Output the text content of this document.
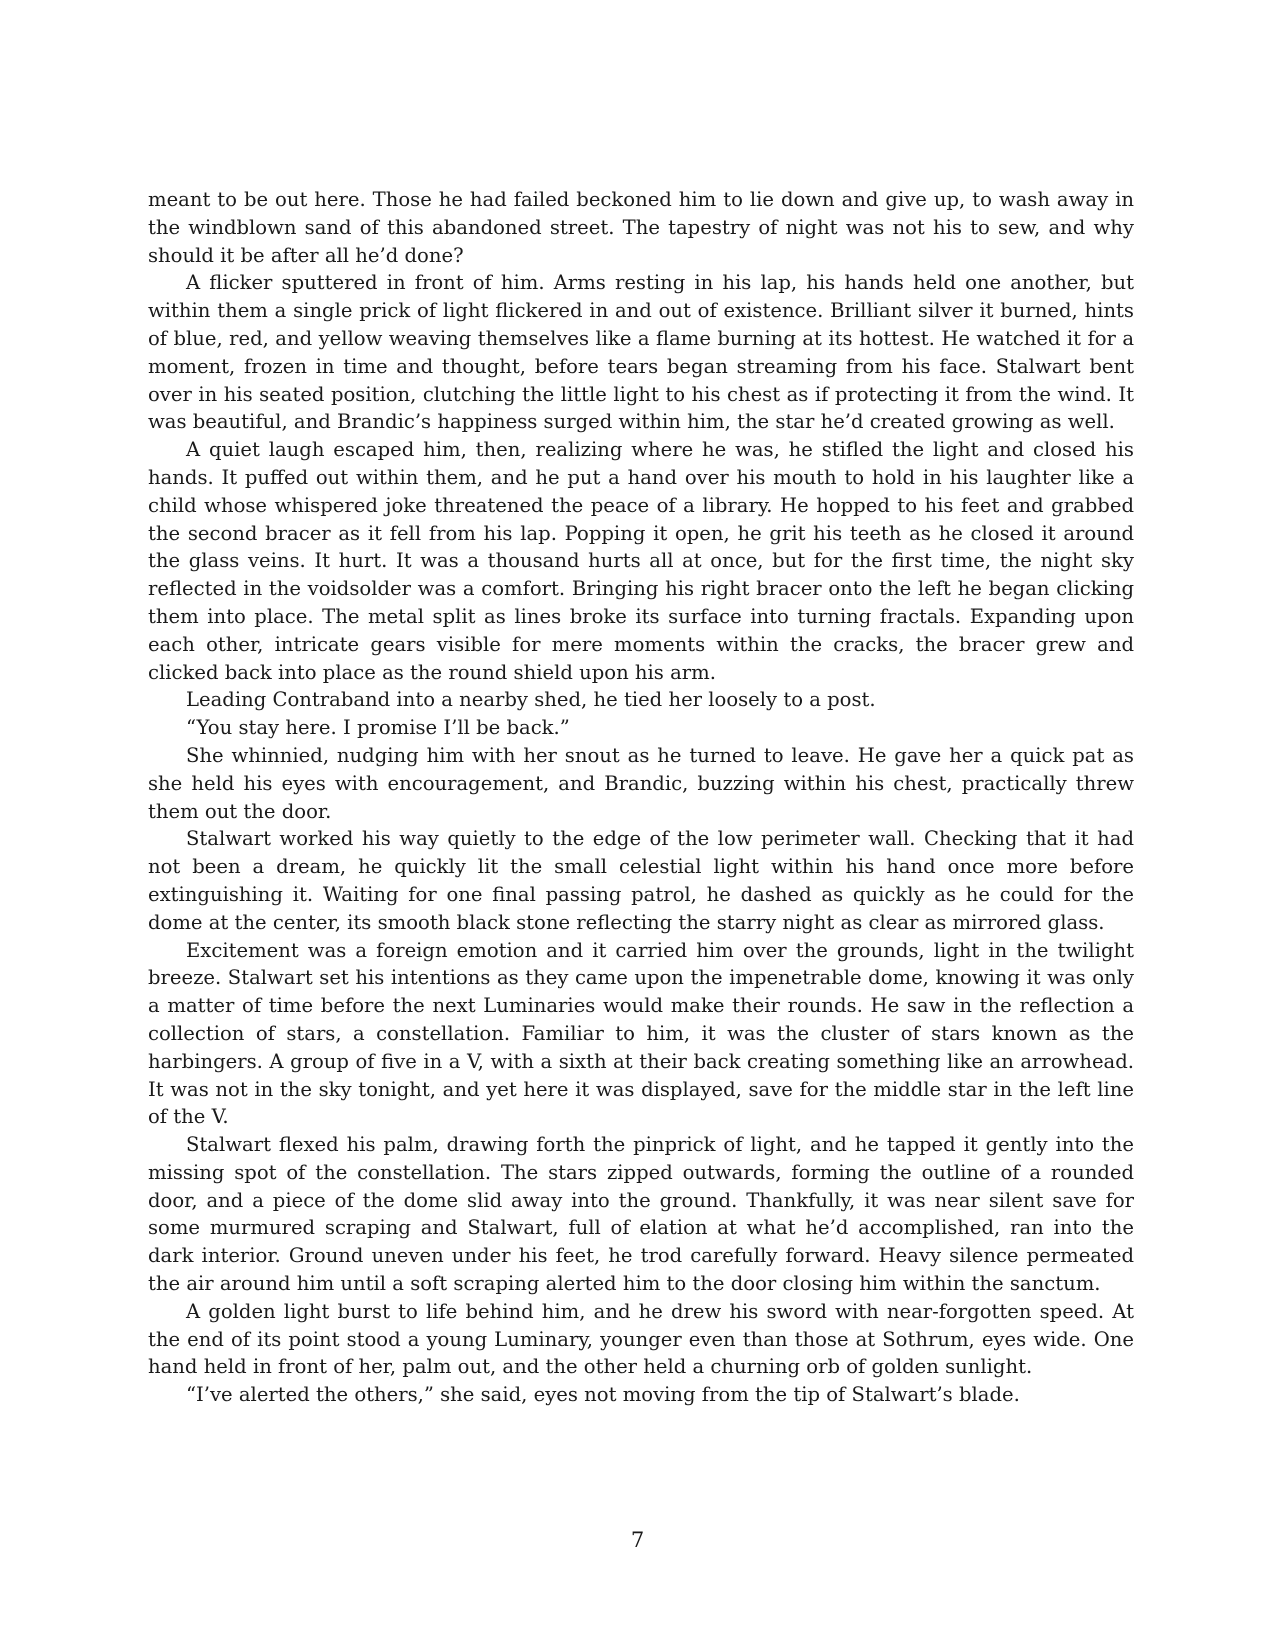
meant to be out here. Those he had failed beckoned him to lie down and give up, to wash away in the windblown sand of this abandoned street. The tapestry of night was not his to sew, and why should it be after all he’d done?

A flicker sputtered in front of him. Arms resting in his lap, his hands held one another, but within them a single prick of light flickered in and out of existence. Brilliant silver it burned, hints of blue, red, and yellow weaving themselves like a flame burning at its hottest. He watched it for a moment, frozen in time and thought, before tears began streaming from his face. Stalwart bent over in his seated position, clutching the little light to his chest as if protecting it from the wind. It was beautiful, and Brandic’s happiness surged within him, the star he’d created growing as well.

A quiet laugh escaped him, then, realizing where he was, he stifled the light and closed his hands. It puffed out within them, and he put a hand over his mouth to hold in his laughter like a child whose whispered joke threatened the peace of a library. He hopped to his feet and grabbed the second bracer as it fell from his lap. Popping it open, he grit his teeth as he closed it around the glass veins. It hurt. It was a thousand hurts all at once, but for the first time, the night sky reflected in the voidsolder was a comfort. Bringing his right bracer onto the left he began clicking them into place. The metal split as lines broke its surface into turning fractals. Expanding upon each other, intricate gears visible for mere moments within the cracks, the bracer grew and clicked back into place as the round shield upon his arm.

Leading Contraband into a nearby shed, he tied her loosely to a post.

“You stay here. I promise I’ll be back.”

She whinnied, nudging him with her snout as he turned to leave. He gave her a quick pat as she held his eyes with encouragement, and Brandic, buzzing within his chest, practically threw them out the door.

Stalwart worked his way quietly to the edge of the low perimeter wall. Checking that it had not been a dream, he quickly lit the small celestial light within his hand once more before extinguishing it. Waiting for one final passing patrol, he dashed as quickly as he could for the dome at the center, its smooth black stone reflecting the starry night as clear as mirrored glass.

Excitement was a foreign emotion and it carried him over the grounds, light in the twilight breeze. Stalwart set his intentions as they came upon the impenetrable dome, knowing it was only a matter of time before the next Luminaries would make their rounds. He saw in the reflection a collection of stars, a constellation. Familiar to him, it was the cluster of stars known as the harbingers. A group of five in a V, with a sixth at their back creating something like an arrowhead. It was not in the sky tonight, and yet here it was displayed, save for the middle star in the left line of the V.

Stalwart flexed his palm, drawing forth the pinprick of light, and he tapped it gently into the missing spot of the constellation. The stars zipped outwards, forming the outline of a rounded door, and a piece of the dome slid away into the ground. Thankfully, it was near silent save for some murmured scraping and Stalwart, full of elation at what he’d accomplished, ran into the dark interior. Ground uneven under his feet, he trod carefully forward. Heavy silence permeated the air around him until a soft scraping alerted him to the door closing him within the sanctum.

A golden light burst to life behind him, and he drew his sword with near-forgotten speed. At the end of its point stood a young Luminary, younger even than those at Sothrum, eyes wide. One hand held in front of her, palm out, and the other held a churning orb of golden sunlight.

“I’ve alerted the others,” she said, eyes not moving from the tip of Stalwart’s blade.

7
